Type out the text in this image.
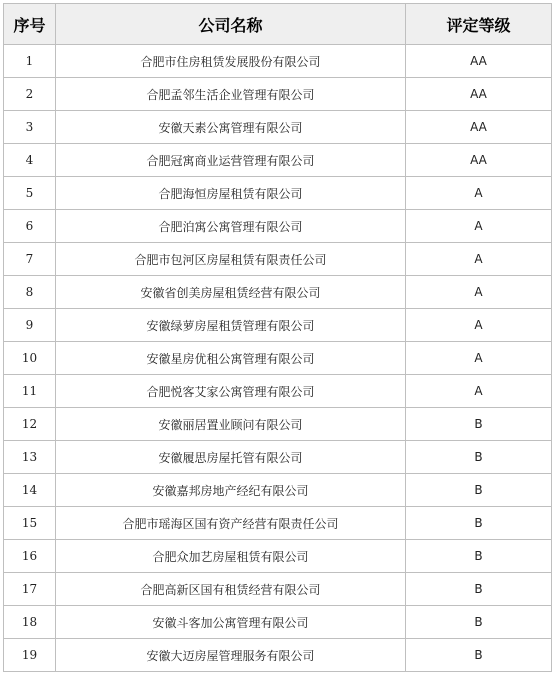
序号	公司名称	评定等级
1	合肥市住房租赁发展股份有限公司	AA
2	合肥孟邻生活企业管理有限公司	AA
3	安徽天素公寓管理有限公司	AA
4	合肥冠寓商业运营管理有限公司	AA
5	合肥海恒房屋租赁有限公司	A
6	合肥泊寓公寓管理有限公司	A
7	合肥市包河区房屋租赁有限责任公司	A
8	安徽省创美房屋租赁经营有限公司	A
9	安徽绿萝房屋租赁管理有限公司	A
10	安徽星房优租公寓管理有限公司	A
11	合肥悦客艾家公寓管理有限公司	A
12	安徽丽居置业顾问有限公司	B
13	安徽履思房屋托管有限公司	B
14	安徽嘉邦房地产经纪有限公司	B
15	合肥市瑶海区国有资产经营有限责任公司	B
16	合肥众加艺房屋租赁有限公司	B
17	合肥高新区国有租赁经营有限公司	B
18	安徽斗客加公寓管理有限公司	B
19	安徽大迈房屋管理服务有限公司	B
